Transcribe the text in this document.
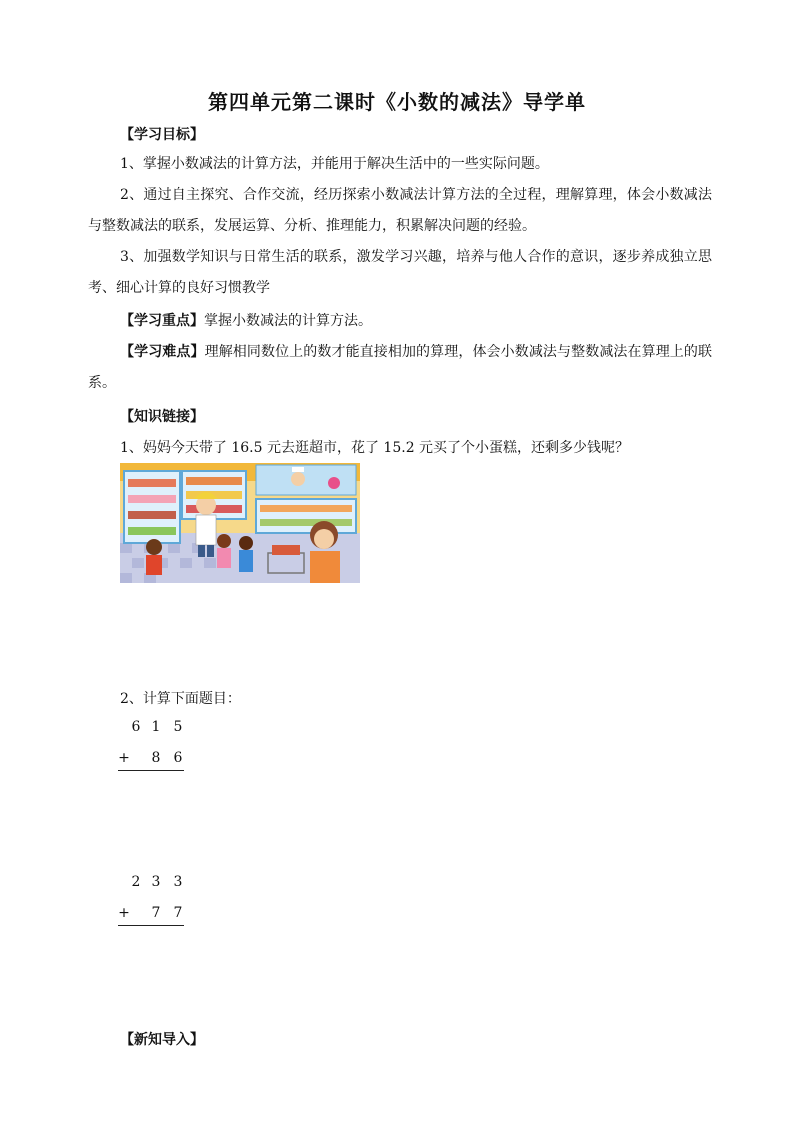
第四单元第二课时《小数的减法》导学单
【学习目标】
1、掌握小数减法的计算方法，并能用于解决生活中的一些实际问题。
2、通过自主探究、合作交流，经历探索小数减法计算方法的全过程，理解算理，体会小数减法与整数减法的联系，发展运算、分析、推理能力，积累解决问题的经验。
3、加强数学知识与日常生活的联系，激发学习兴趣，培养与他人合作的意识，逐步养成独立思考、细心计算的良好习惯教学
【学习重点】掌握小数减法的计算方法。
【学习难点】理解相同数位上的数才能直接相加的算理，体会小数减法与整数减法在算理上的联系。
【知识链接】
1、妈妈今天带了 16.5 元去逛超市，花了 15.2 元买了个小蛋糕，还剩多少钱呢？
2、计算下面题目：
6 1 5
+	8 6
2 3 3
+	7 7
【新知导入】
